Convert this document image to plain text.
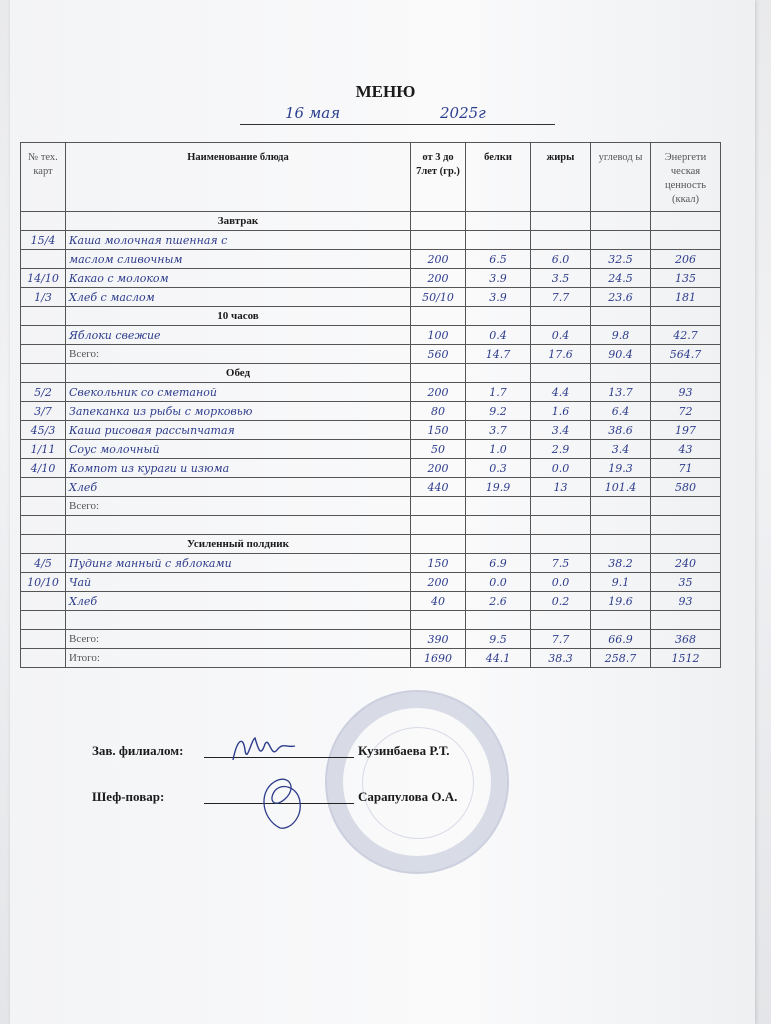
МЕНЮ
16 мая	2025г
№ тех. карт	Наименование блюда	от 3 до 7лет (гр.)	белки	жиры	углевод ы	Энергети ческая ценность (ккал)
	Завтрак					
15/4	Каша молочная пшенная с					
	маслом сливочным	200	6.5	6.0	32.5	206
14/10	Какао с молоком	200	3.9	3.5	24.5	135
1/3	Хлеб с маслом	50/10	3.9	7.7	23.6	181
	10 часов					
	Яблоки свежие	100	0.4	0.4	9.8	42.7
	Всего:	560	14.7	17.6	90.4	564.7
	Обед					
5/2	Свекольник со сметаной	200	1.7	4.4	13.7	93
3/7	Запеканка из рыбы с морковью	80	9.2	1.6	6.4	72
45/3	Каша рисовая рассыпчатая	150	3.7	3.4	38.6	197
1/11	Соус молочный	50	1.0	2.9	3.4	43
4/10	Компот из кураги и изюма	200	0.3	0.0	19.3	71
	Хлеб	440	19.9	13	101.4	580
	Всего:					

	Усиленный полдник					
4/5	Пудинг манный с яблоками	150	6.9	7.5	38.2	240
10/10	Чай	200	0.0	0.0	9.1	35
	Хлеб	40	2.6	0.2	19.6	93

	Всего:	390	9.5	7.7	66.9	368
	Итого:	1690	44.1	38.3	258.7	1512
Зав. филиалом:	Кузинбаева Р.Т.
Шеф-повар:	Сарапулова О.А.
